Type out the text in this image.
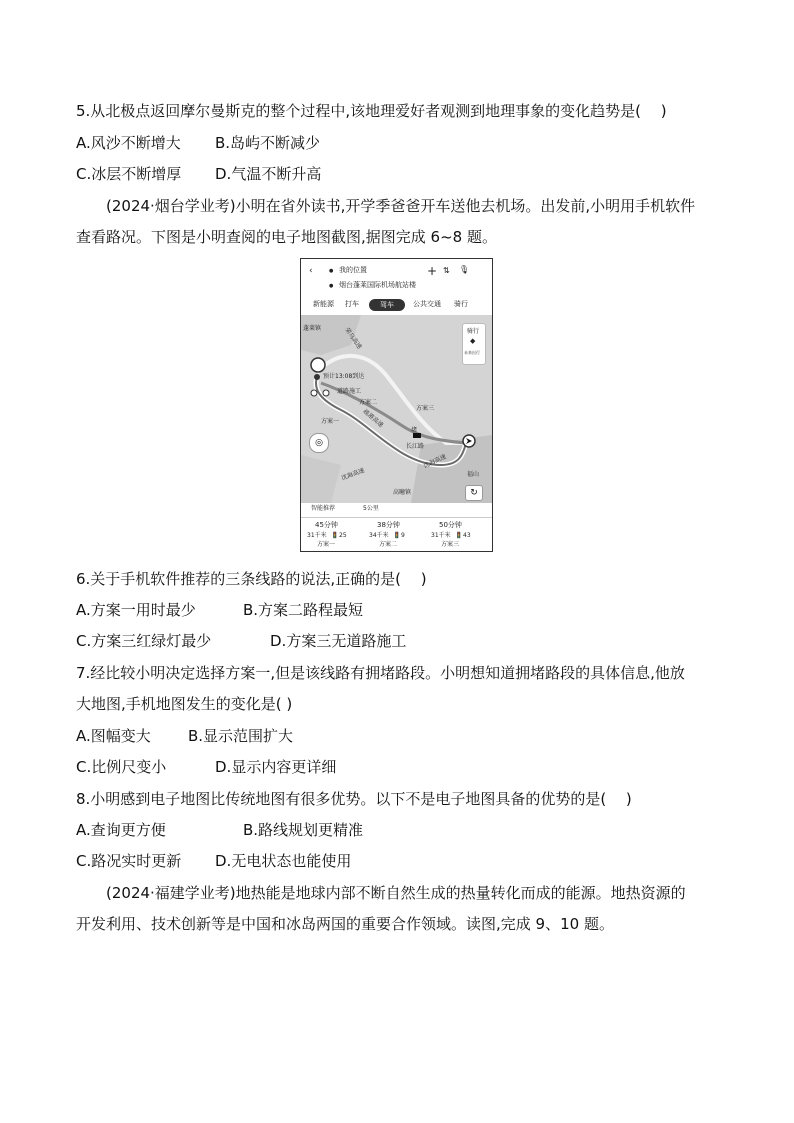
5.从北极点返回摩尔曼斯克的整个过程中,该地理爱好者观测到地理事象的变化趋势是(　 )
A.风沙不断增大 B.岛屿不断减少
C.冰层不断增厚 D.气温不断升高
(2024·烟台学业考)小明在省外读书,开学季爸爸开车送他去机场。出发前,小明用手机软件
查看路况。下图是小明查阅的电子地图截图,据图完成 6~8 题。
‹	● 我的位置
● 烟台蓬莱国际机场航站楼
+ ⇅ 🎙
新能源 打车	公共交通 骑行
驾车
蓬莱镇	荣乌高速
预计13:08到达
道路施工
方案二
方案三
方案一	疏港高速
堵
长江路
沈海高速
沈海高速
高疃镇
福山
骑行
◆
未来出行
◎
↻
智能推荐	5公里
45分钟
31千米 🚦 25
方案一
38分钟
34千米 🚦 9
方案二
50分钟
31千米 🚦 43
方案三
6.关于手机软件推荐的三条线路的说法,正确的是(　 )
A.方案一用时最少	B.方案二路程最短
C.方案三红绿灯最少	D.方案三无道路施工
7.经比较小明决定选择方案一,但是该线路有拥堵路段。小明想知道拥堵路段的具体信息,他放
大地图,手机地图发生的变化是( )
A.图幅变大 B.显示范围扩大
C.比例尺变小	D.显示内容更详细
8.小明感到电子地图比传统地图有很多优势。以下不是电子地图具备的优势的是(　 )
A.查询更方便	B.路线规划更精准
C.路况实时更新 D.无电状态也能使用
(2024·福建学业考)地热能是地球内部不断自然生成的热量转化而成的能源。地热资源的
开发利用、技术创新等是中国和冰岛两国的重要合作领域。读图,完成 9、10 题。
